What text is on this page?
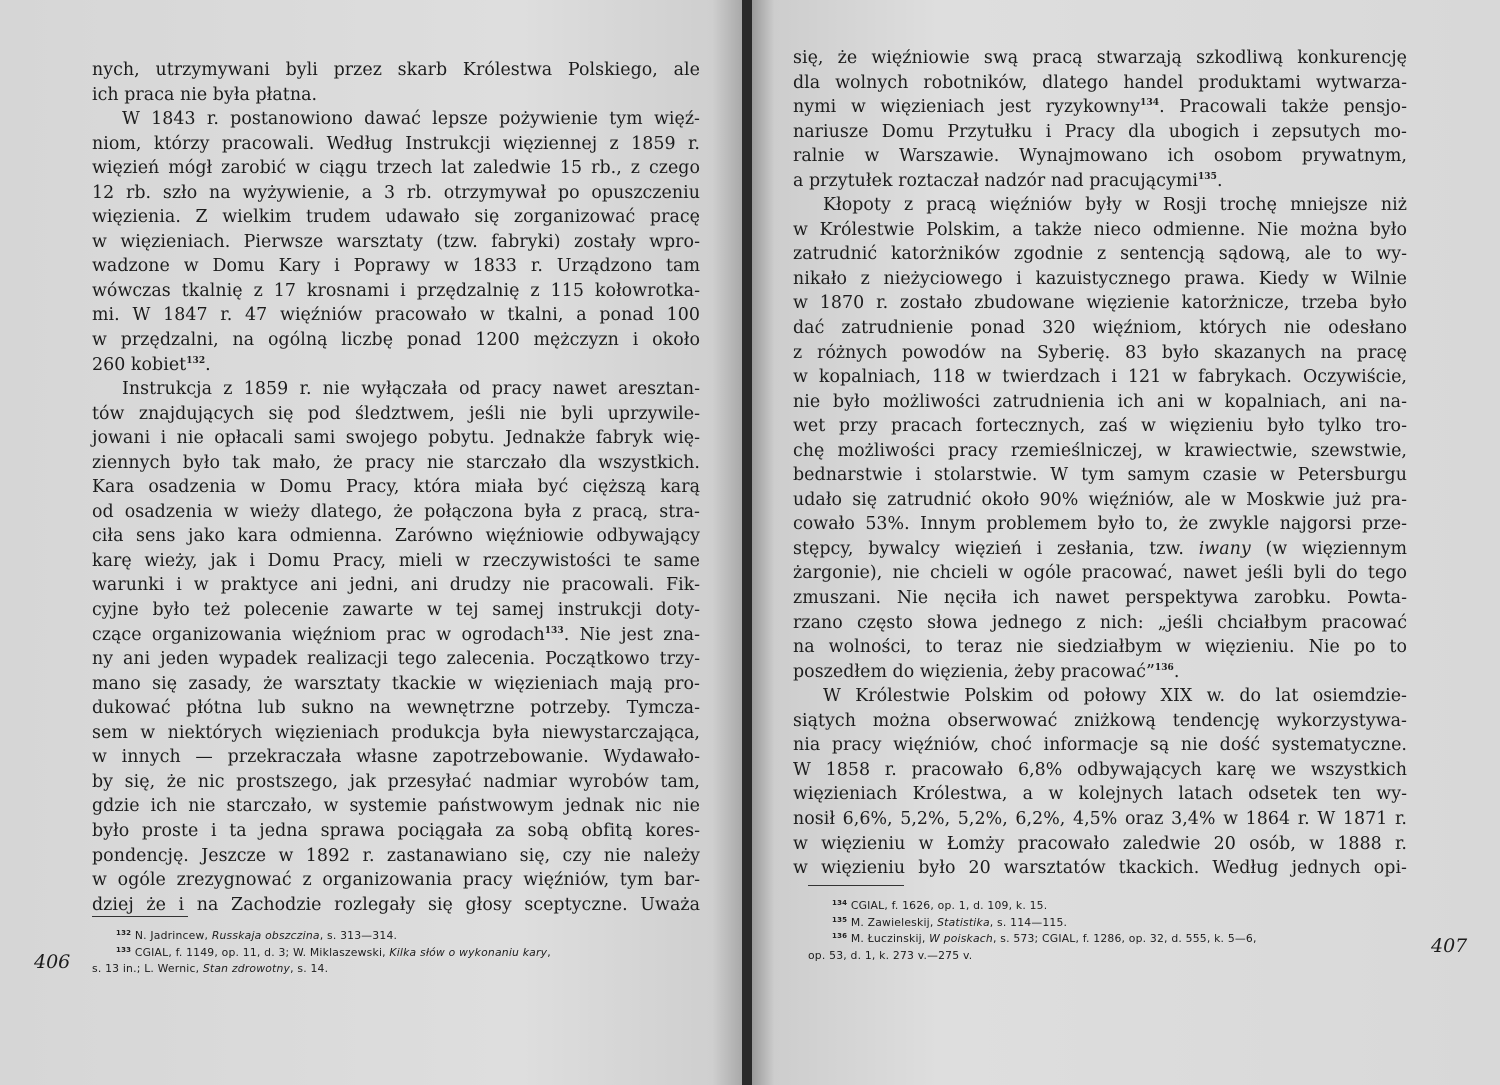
nych, utrzymywani byli przez skarb Królestwa Polskiego, ale
ich praca nie była płatna.
W 1843 r. postanowiono dawać lepsze pożywienie tym więź-
niom, którzy pracowali. Według Instrukcji więziennej z 1859 r.
więzień mógł zarobić w ciągu trzech lat zaledwie 15 rb., z czego
12 rb. szło na wyżywienie, a 3 rb. otrzymywał po opuszczeniu
więzienia. Z wielkim trudem udawało się zorganizować pracę
w więzieniach. Pierwsze warsztaty (tzw. fabryki) zostały wpro-
wadzone w Domu Kary i Poprawy w 1833 r. Urządzono tam
wówczas tkalnię z 17 krosnami i przędzalnię z 115 kołowrotka-
mi. W 1847 r. 47 więźniów pracowało w tkalni, a ponad 100
w przędzalni, na ogólną liczbę ponad 1200 mężczyzn i około
260 kobiet$^{132}$.
Instrukcja z 1859 r. nie wyłączała od pracy nawet aresztan-
tów znajdujących się pod śledztwem, jeśli nie byli uprzywile-
jowani i nie opłacali sami swojego pobytu. Jednakże fabryk wię-
ziennych było tak mało, że pracy nie starczało dla wszystkich.
Kara osadzenia w Domu Pracy, która miała być cięższą karą
od osadzenia w wieży dlatego, że połączona była z pracą, stra-
ciła sens jako kara odmienna. Zarówno więźniowie odbywający
karę wieży, jak i Domu Pracy, mieli w rzeczywistości te same
warunki i w praktyce ani jedni, ani drudzy nie pracowali. Fik-
cyjne było też polecenie zawarte w tej samej instrukcji doty-
czące organizowania więźniom prac w ogrodach$^{133}$. Nie jest zna-
ny ani jeden wypadek realizacji tego zalecenia. Początkowo trzy-
mano się zasady, że warsztaty tkackie w więzieniach mają pro-
dukować płótna lub sukno na wewnętrzne potrzeby. Tymcza-
sem w niektórych więzieniach produkcja była niewystarczająca,
w innych — przekraczała własne zapotrzebowanie. Wydawało-
by się, że nic prostszego, jak przesyłać nadmiar wyrobów tam,
gdzie ich nie starczało, w systemie państwowym jednak nic nie
było proste i ta jedna sprawa pociągała za sobą obfitą kores-
pondencję. Jeszcze w 1892 r. zastanawiano się, czy nie należy
w ogóle zrezygnować z organizowania pracy więźniów, tym bar-
dziej że i na Zachodzie rozlegały się głosy sceptyczne. Uważa
$^{132}$ N. Jadrincew, Russkaja obszczina, s. 313—314.
$^{133}$ CGIAL, f. 1149, op. 11, d. 3; W. Miklaszewski, Kilka słów o wykonaniu kary,
s. 13 in.; L. Wernic, Stan zdrowotny, s. 14.
406
się, że więźniowie swą pracą stwarzają szkodliwą konkurencję
dla wolnych robotników, dlatego handel produktami wytwarza-
nymi w więzieniach jest ryzykowny$^{134}$. Pracowali także pensjo-
nariusze Domu Przytułku i Pracy dla ubogich i zepsutych mo-
ralnie w Warszawie. Wynajmowano ich osobom prywatnym,
a przytułek roztaczał nadzór nad pracującymi$^{135}$.
Kłopoty z pracą więźniów były w Rosji trochę mniejsze niż
w Królestwie Polskim, a także nieco odmienne. Nie można było
zatrudnić katorżników zgodnie z sentencją sądową, ale to wy-
nikało z nieżyciowego i kazuistycznego prawa. Kiedy w Wilnie
w 1870 r. zostało zbudowane więzienie katorżnicze, trzeba było
dać zatrudnienie ponad 320 więźniom, których nie odesłano
z różnych powodów na Syberię. 83 było skazanych na pracę
w kopalniach, 118 w twierdzach i 121 w fabrykach. Oczywiście,
nie było możliwości zatrudnienia ich ani w kopalniach, ani na-
wet przy pracach fortecznych, zaś w więzieniu było tylko tro-
chę możliwości pracy rzemieślniczej, w krawiectwie, szewstwie,
bednarstwie i stolarstwie. W tym samym czasie w Petersburgu
udało się zatrudnić około 90% więźniów, ale w Moskwie już pra-
cowało 53%. Innym problemem było to, że zwykle najgorsi prze-
stępcy, bywalcy więzień i zesłania, tzw. iwany (w więziennym
żargonie), nie chcieli w ogóle pracować, nawet jeśli byli do tego
zmuszani. Nie nęciła ich nawet perspektywa zarobku. Powta-
rzano często słowa jednego z nich: „jeśli chciałbym pracować
na wolności, to teraz nie siedziałbym w więzieniu. Nie po to
poszedłem do więzienia, żeby pracować”$^{136}$.
W Królestwie Polskim od połowy XIX w. do lat osiemdzie-
siątych można obserwować zniżkową tendencję wykorzystywa-
nia pracy więźniów, choć informacje są nie dość systematyczne.
W 1858 r. pracowało 6,8% odbywających karę we wszystkich
więzieniach Królestwa, a w kolejnych latach odsetek ten wy-
nosił 6,6%, 5,2%, 5,2%, 6,2%, 4,5% oraz 3,4% w 1864 r. W 1871 r.
w więzieniu w Łomży pracowało zaledwie 20 osób, w 1888 r.
w więzieniu było 20 warsztatów tkackich. Według jednych opi-
$^{134}$ CGIAL, f. 1626, op. 1, d. 109, k. 15.
$^{135}$ M. Zawieleskij, Statistika, s. 114—115.
$^{136}$ M. Łuczinskij, W poiskach, s. 573; CGIAL, f. 1286, op. 32, d. 555, k. 5—6,
op. 53, d. 1, k. 273 v.—275 v.	407
